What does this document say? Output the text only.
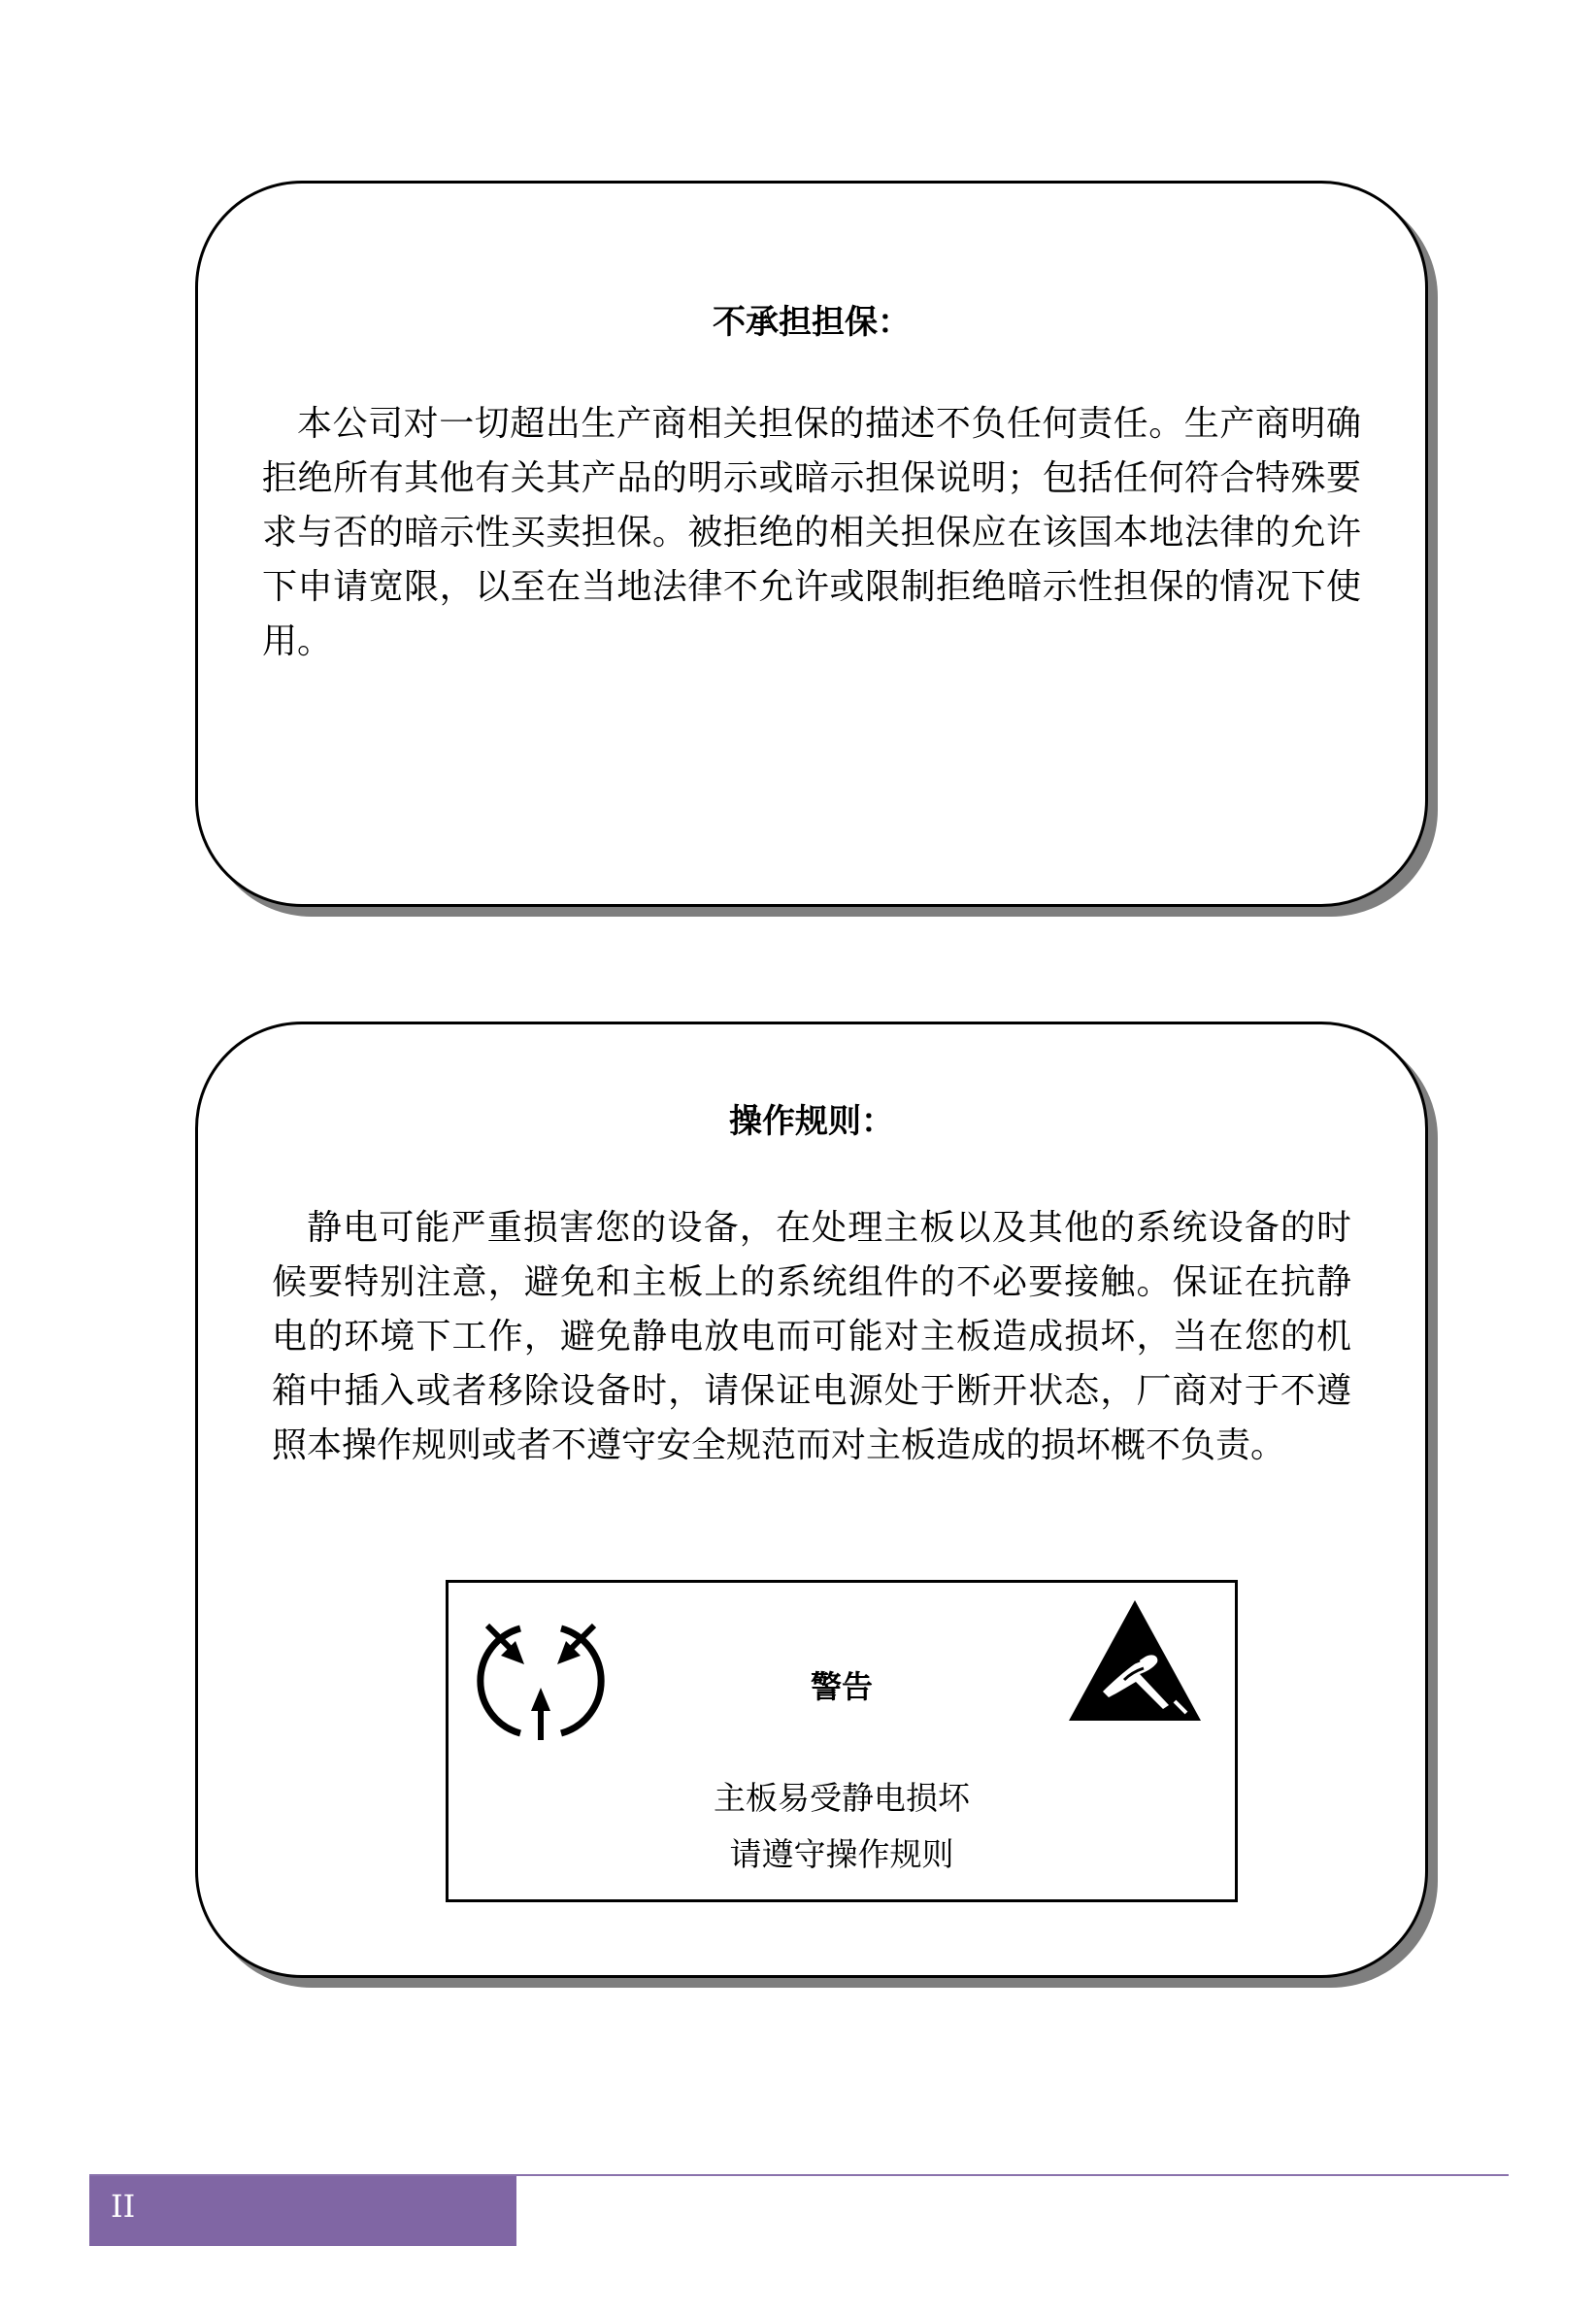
不承担担保：

本公司对一切超出生产商相关担保的描述不负任何责任。生产商明确拒绝所有其他有关其产品的明示或暗示担保说明；包括任何符合特殊要求与否的暗示性买卖担保。被拒绝的相关担保应在该国本地法律的允许下申请宽限，以至在当地法律不允许或限制拒绝暗示性担保的情况下使用。

操作规则：

静电可能严重损害您的设备，在处理主板以及其他的系统设备的时候要特别注意，避免和主板上的系统组件的不必要接触。保证在抗静电的环境下工作，避免静电放电而可能对主板造成损坏，当在您的机箱中插入或者移除设备时，请保证电源处于断开状态，厂商对于不遵照本操作规则或者不遵守安全规范而对主板造成的损坏概不负责。

警告
主板易受静电损坏
请遵守操作规则
II
